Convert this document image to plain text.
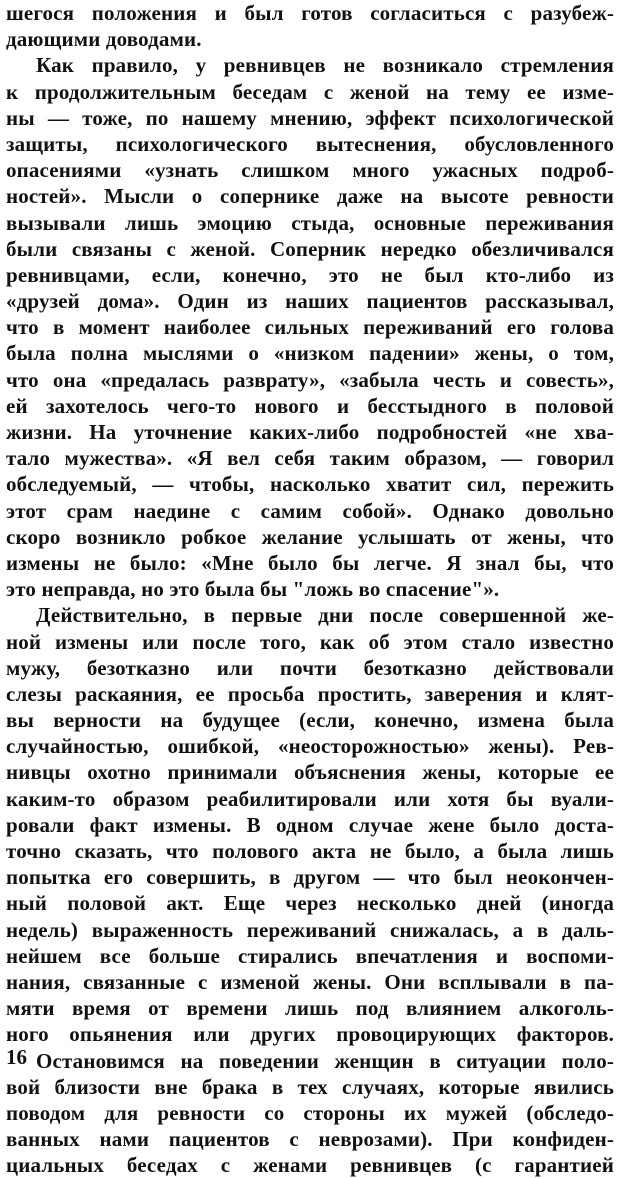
шегося положения и был готов согласиться с разубеж-
дающими доводами.
Как правило, у ревнивцев не возникало стремления
к продолжительным беседам с женой на тему ее изме-
ны — тоже, по нашему мнению, эффект психологической
защиты, психологического вытеснения, обусловленного
опасениями «узнать слишком много ужасных подроб-
ностей». Мысли о сопернике даже на высоте ревности
вызывали лишь эмоцию стыда, основные переживания
были связаны с женой. Соперник нередко обезличивался
ревнивцами, если, конечно, это не был кто-либо из
«друзей дома». Один из наших пациентов рассказывал,
что в момент наиболее сильных переживаний его голова
была полна мыслями о «низком падении» жены, о том,
что она «предалась разврату», «забыла честь и совесть»,
ей захотелось чего-то нового и бесстыдного в половой
жизни. На уточнение каких-либо подробностей «не хва-
тало мужества». «Я вел себя таким образом, — говорил
обследуемый, — чтобы, насколько хватит сил, пережить
этот срам наедине с самим собой». Однако довольно
скоро возникло робкое желание услышать от жены, что
измены не было: «Мне было бы легче. Я знал бы, что
это неправда, но это была бы "ложь во спасение"».
Действительно, в первые дни после совершенной же-
ной измены или после того, как об этом стало известно
мужу, безотказно или почти безотказно действовали
слезы раскаяния, ее просьба простить, заверения и клят-
вы верности на будущее (если, конечно, измена была
случайностью, ошибкой, «неосторожностью» жены). Рев-
нивцы охотно принимали объяснения жены, которые ее
каким-то образом реабилитировали или хотя бы вуали-
ровали факт измены. В одном случае жене было доста-
точно сказать, что полового акта не было, а была лишь
попытка его совершить, в другом — что был неокончен-
ный половой акт. Еще через несколько дней (иногда
недель) выраженность переживаний снижалась, а в даль-
нейшем все больше стирались впечатления и воспоми-
нания, связанные с изменой жены. Они всплывали в па-
мяти время от времени лишь под влиянием алкоголь-
ного опьянения или других провоцирующих факторов.
Остановимся на поведении женщин в ситуации поло-
вой близости вне брака в тех случаях, которые явились
поводом для ревности со стороны их мужей (обследо-
ванных нами пациентов с неврозами). При конфиден-
циальных беседах с женами ревнивцев (с гарантией
16
